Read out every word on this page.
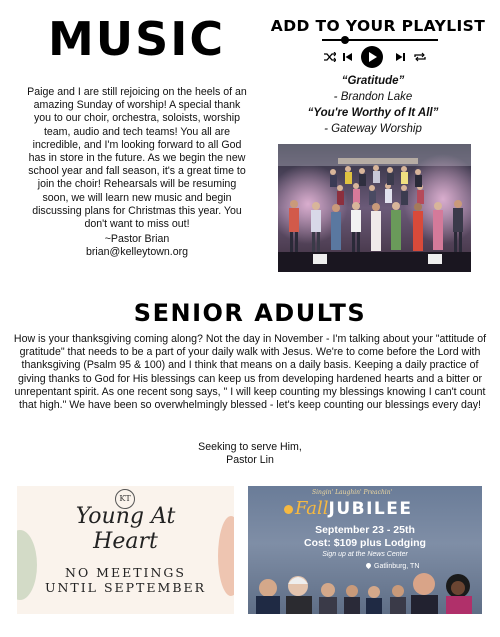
MUSIC

Paige and I are still rejoicing on the heels of an amazing Sunday of worship! A special thank you to our choir, orchestra, soloists, worship team, audio and tech teams! You all are incredible, and I'm looking forward to all God has in store in the future. As we begin the new school year and fall season, it's a great time to join the choir! Rehearsals will be resuming soon, we will learn new music and begin discussing plans for Christmas this year. You don't want to miss out!

~Pastor Brian
brian@kelleytown.org
ADD TO YOUR PLAYLIST
“Gratitude”
- Brandon Lake
“You're Worthy of It All”
- Gateway Worship
SENIOR ADULTS

How is your thanksgiving coming along? Not the day in November - I'm talking about your "attitude of gratitude" that needs to be a part of your daily walk with Jesus. We're to come before the Lord with thanksgiving (Psalm 95 & 100) and I think that means on a daily basis. Keeping a daily practice of giving thanks to God for His blessings can keep us from developing hardened hearts and a bitter or unrepentant spirit. As one recent song says, " I will keep counting my blessings knowing I can't count that high." We have been so overwhelmingly blessed - let's keep counting our blessings every day!

Seeking to serve Him,
Pastor Lin
KT
Young At
Heart
NO MEETINGS
UNTIL SEPTEMBER
Singin' Laughin' Preachin'
FallJUBILEE
September 23 - 25th
Cost: $109 plus Lodging
Sign up at the News Center
Gatlinburg, TN
